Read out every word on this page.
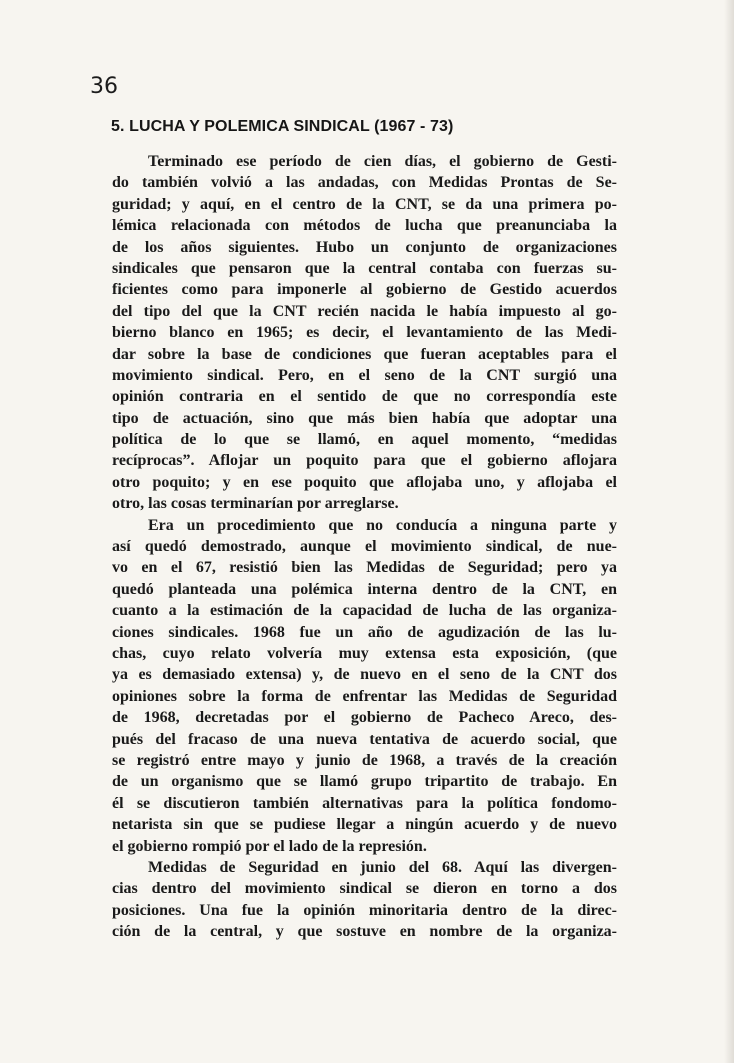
36

5. LUCHA Y POLEMICA SINDICAL (1967 - 73)
Terminado ese período de cien días, el gobierno de Gesti-
do también volvió a las andadas, con Medidas Prontas de Se-
guridad; y aquí, en el centro de la CNT, se da una primera po-
lémica relacionada con métodos de lucha que preanunciaba la
de los años siguientes. Hubo un conjunto de organizaciones
sindicales que pensaron que la central contaba con fuerzas su-
ficientes como para imponerle al gobierno de Gestido acuerdos
del tipo del que la CNT recién nacida le había impuesto al go-
bierno blanco en 1965; es decir, el levantamiento de las Medi-
dar sobre la base de condiciones que fueran aceptables para el
movimiento sindical. Pero, en el seno de la CNT surgió una
opinión contraria en el sentido de que no correspondía este
tipo de actuación, sino que más bien había que adoptar una
política de lo que se llamó, en aquel momento, “medidas
recíprocas”. Aflojar un poquito para que el gobierno aflojara
otro poquito; y en ese poquito que aflojaba uno, y aflojaba el
otro, las cosas terminarían por arreglarse.
Era un procedimiento que no conducía a ninguna parte y
así quedó demostrado, aunque el movimiento sindical, de nue-
vo en el 67, resistió bien las Medidas de Seguridad; pero ya
quedó planteada una polémica interna dentro de la CNT, en
cuanto a la estimación de la capacidad de lucha de las organiza-
ciones sindicales. 1968 fue un año de agudización de las lu-
chas, cuyo relato volvería muy extensa esta exposición, (que
ya es demasiado extensa) y, de nuevo en el seno de la CNT dos
opiniones sobre la forma de enfrentar las Medidas de Seguridad
de 1968, decretadas por el gobierno de Pacheco Areco, des-
pués del fracaso de una nueva tentativa de acuerdo social, que
se registró entre mayo y junio de 1968, a través de la creación
de un organismo que se llamó grupo tripartito de trabajo. En
él se discutieron también alternativas para la política fondomo-
netarista sin que se pudiese llegar a ningún acuerdo y de nuevo
el gobierno rompió por el lado de la represión.
Medidas de Seguridad en junio del 68. Aquí las divergen-
cias dentro del movimiento sindical se dieron en torno a dos
posiciones. Una fue la opinión minoritaria dentro de la direc-
ción de la central, y que sostuve en nombre de la organiza-
